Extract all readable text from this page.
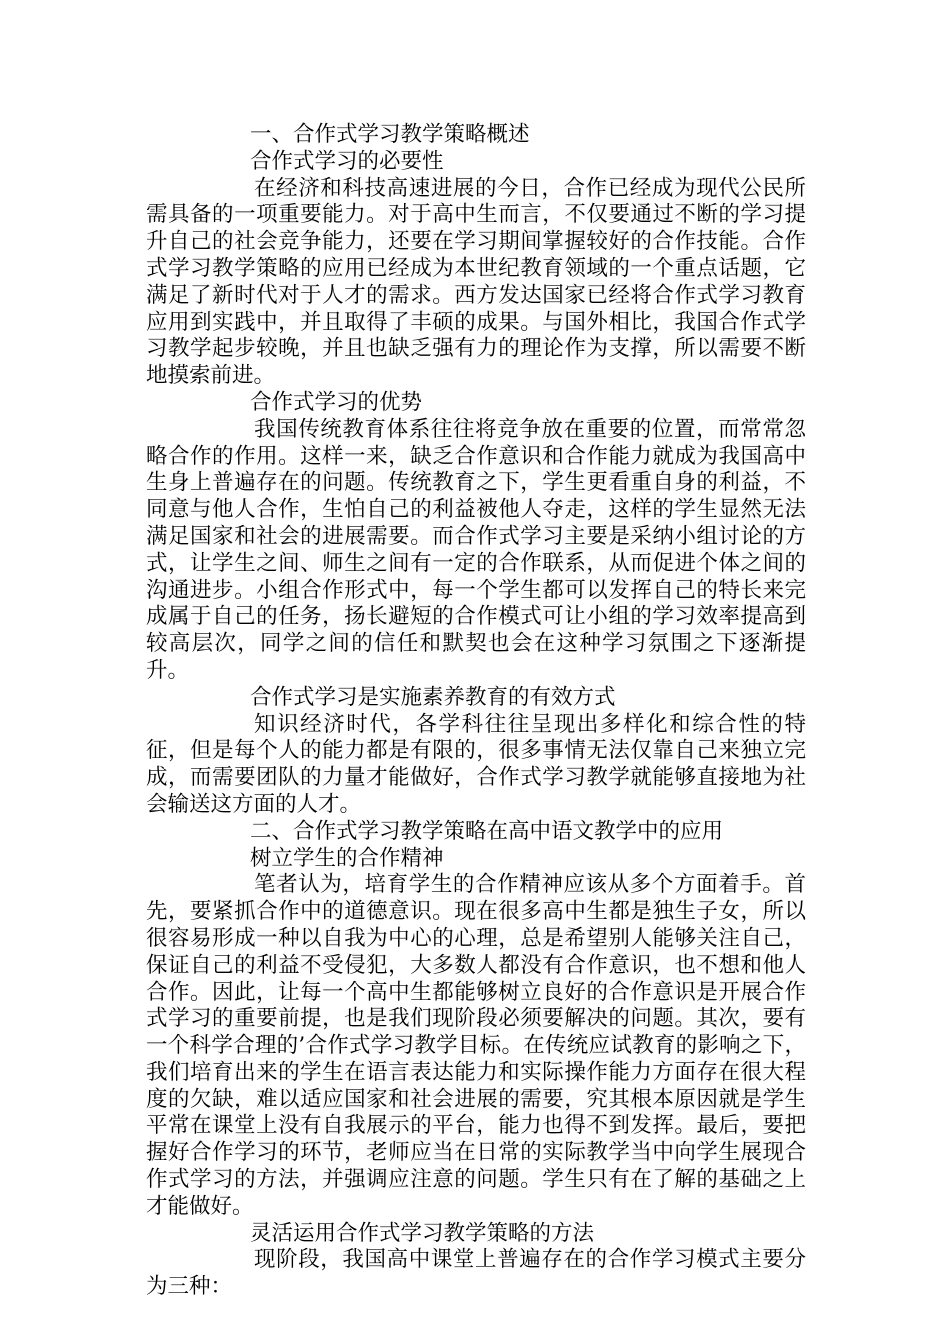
一、合作式学习教学策略概述
合作式学习的必要性

在经济和科技高速进展的今日，合作已经成为现代公民所需具备的一项重要能力。对于高中生而言，不仅要通过不断的学习提升自己的社会竞争能力，还要在学习期间掌握较好的合作技能。合作式学习教学策略的应用已经成为本世纪教育领域的一个重点话题，它满足了新时代对于人才的需求。西方发达国家已经将合作式学习教育应用到实践中，并且取得了丰硕的成果。与国外相比，我国合作式学习教学起步较晚，并且也缺乏强有力的理论作为支撑，所以需要不断地摸索前进。

合作式学习的优势

我国传统教育体系往往将竞争放在重要的位置，而常常忽略合作的作用。这样一来，缺乏合作意识和合作能力就成为我国高中生身上普遍存在的问题。传统教育之下，学生更看重自身的利益，不同意与他人合作，生怕自己的利益被他人夺走，这样的学生显然无法满足国家和社会的进展需要。而合作式学习主要是采纳小组讨论的方式，让学生之间、师生之间有一定的合作联系，从而促进个体之间的沟通进步。小组合作形式中，每一个学生都可以发挥自己的特长来完成属于自己的任务，扬长避短的合作模式可让小组的学习效率提高到较高层次，同学之间的信任和默契也会在这种学习氛围之下逐渐提升。

合作式学习是实施素养教育的有效方式

知识经济时代，各学科往往呈现出多样化和综合性的特征，但是每个人的能力都是有限的，很多事情无法仅靠自己来独立完成，而需要团队的力量才能做好，合作式学习教学就能够直接地为社会输送这方面的人才。

二、合作式学习教学策略在高中语文教学中的应用
树立学生的合作精神

笔者认为，培育学生的合作精神应该从多个方面着手。首先，要紧抓合作中的道德意识。现在很多高中生都是独生子女，所以很容易形成一种以自我为中心的心理，总是希望别人能够关注自己，保证自己的利益不受侵犯，大多数人都没有合作意识，也不想和他人合作。因此，让每一个高中生都能够树立良好的合作意识是开展合作式学习的重要前提，也是我们现阶段必须要解决的问题。其次，要有一个科学合理的’合作式学习教学目标。在传统应试教育的影响之下，我们培育出来的学生在语言表达能力和实际操作能力方面存在很大程度的欠缺，难以适应国家和社会进展的需要，究其根本原因就是学生平常在课堂上没有自我展示的平台，能力也得不到发挥。最后，要把握好合作学习的环节，老师应当在日常的实际教学当中向学生展现合作式学习的方法，并强调应注意的问题。学生只有在了解的基础之上才能做好。

灵活运用合作式学习教学策略的方法

现阶段，我国高中课堂上普遍存在的合作学习模式主要分为三种：
